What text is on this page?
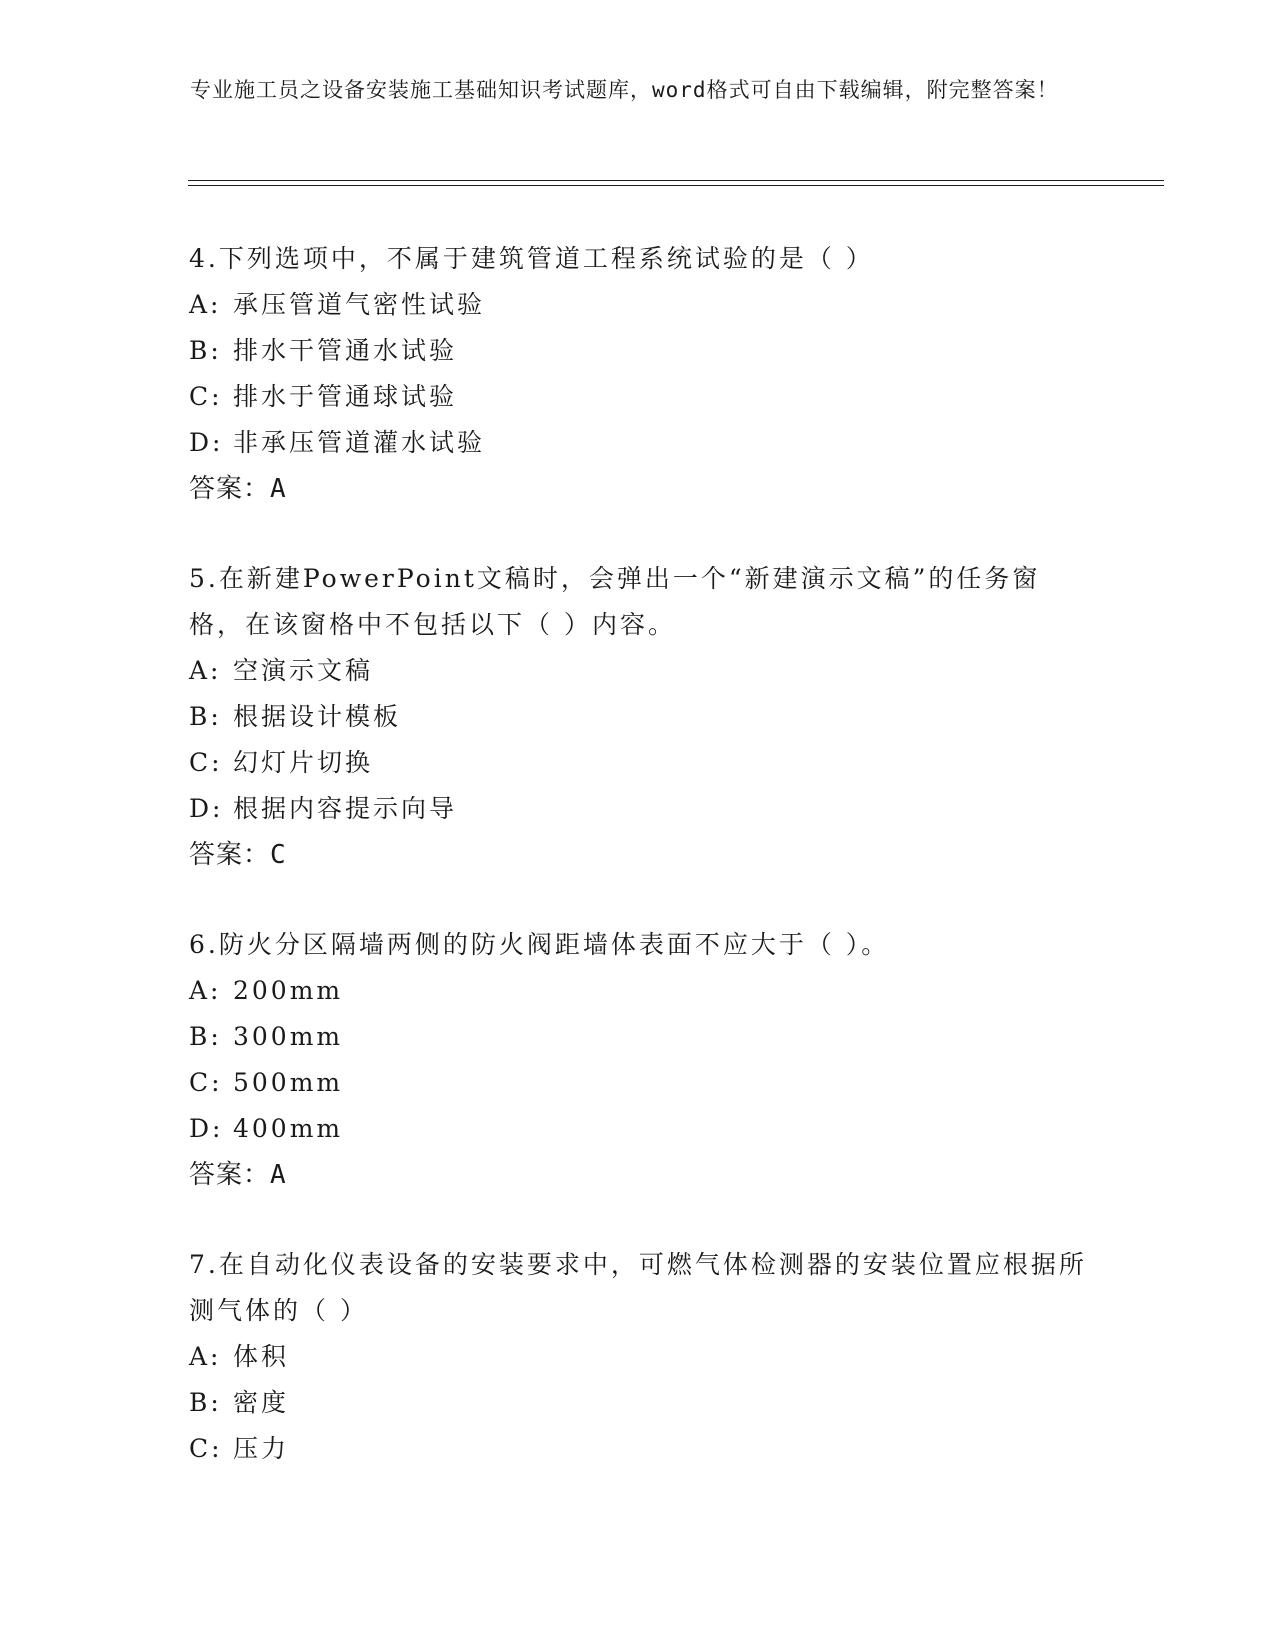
专业施工员之设备安装施工基础知识考试题库，word格式可自由下载编辑，附完整答案！
4.下列选项中，不属于建筑管道工程系统试验的是（ ）
A: 承压管道气密性试验
B: 排水干管通水试验
C: 排水于管通球试验
D: 非承压管道灌水试验
答案：A
5.在新建PowerPoint文稿时，会弹出一个“新建演示文稿”的任务窗格，在该窗格中不包括以下（ ）内容。
A: 空演示文稿
B: 根据设计模板
C: 幻灯片切换
D: 根据内容提示向导
答案：C
6.防火分区隔墙两侧的防火阀距墙体表面不应大于（ ）。
A: 200mm
B: 300mm
C: 500mm
D: 400mm
答案：A
7.在自动化仪表设备的安装要求中，可燃气体检测器的安装位置应根据所测气体的（ ）
A: 体积
B: 密度
C: 压力
